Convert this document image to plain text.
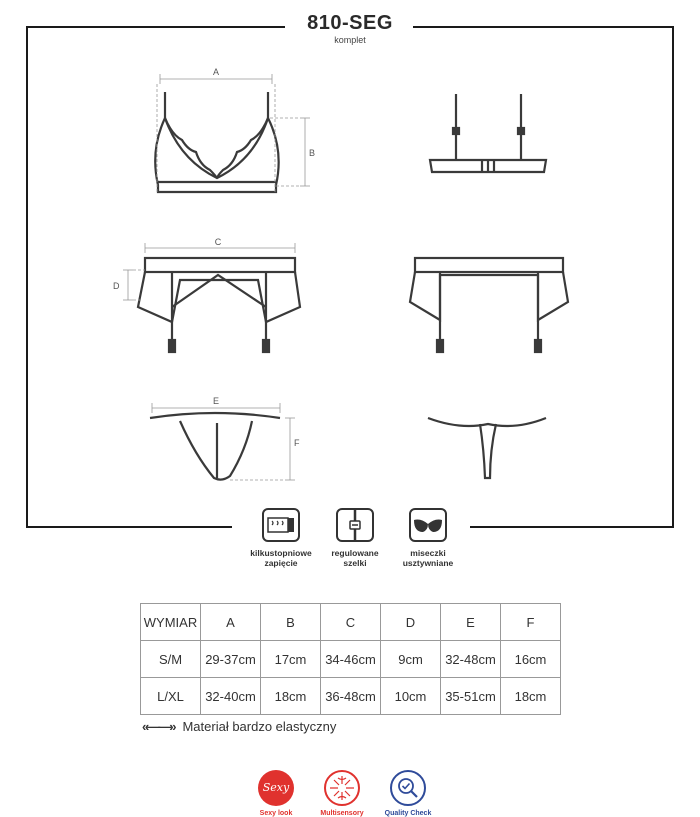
A
B
C
D
E
F
810-SEG
komplet
kilkustopniowe
zapięcie
regulowane
szelki
miseczki
usztywniane
WYMIAR	A	B	C	D	E	F
S/M	29-37cm	17cm	34-46cm	9cm	32-48cm	16cm
L/XL	32-40cm	18cm	36-48cm	10cm	35-51cm	18cm
«——» Materiał bardzo elastyczny
Sexy
Sexy look	Multisensory	Quality Check
